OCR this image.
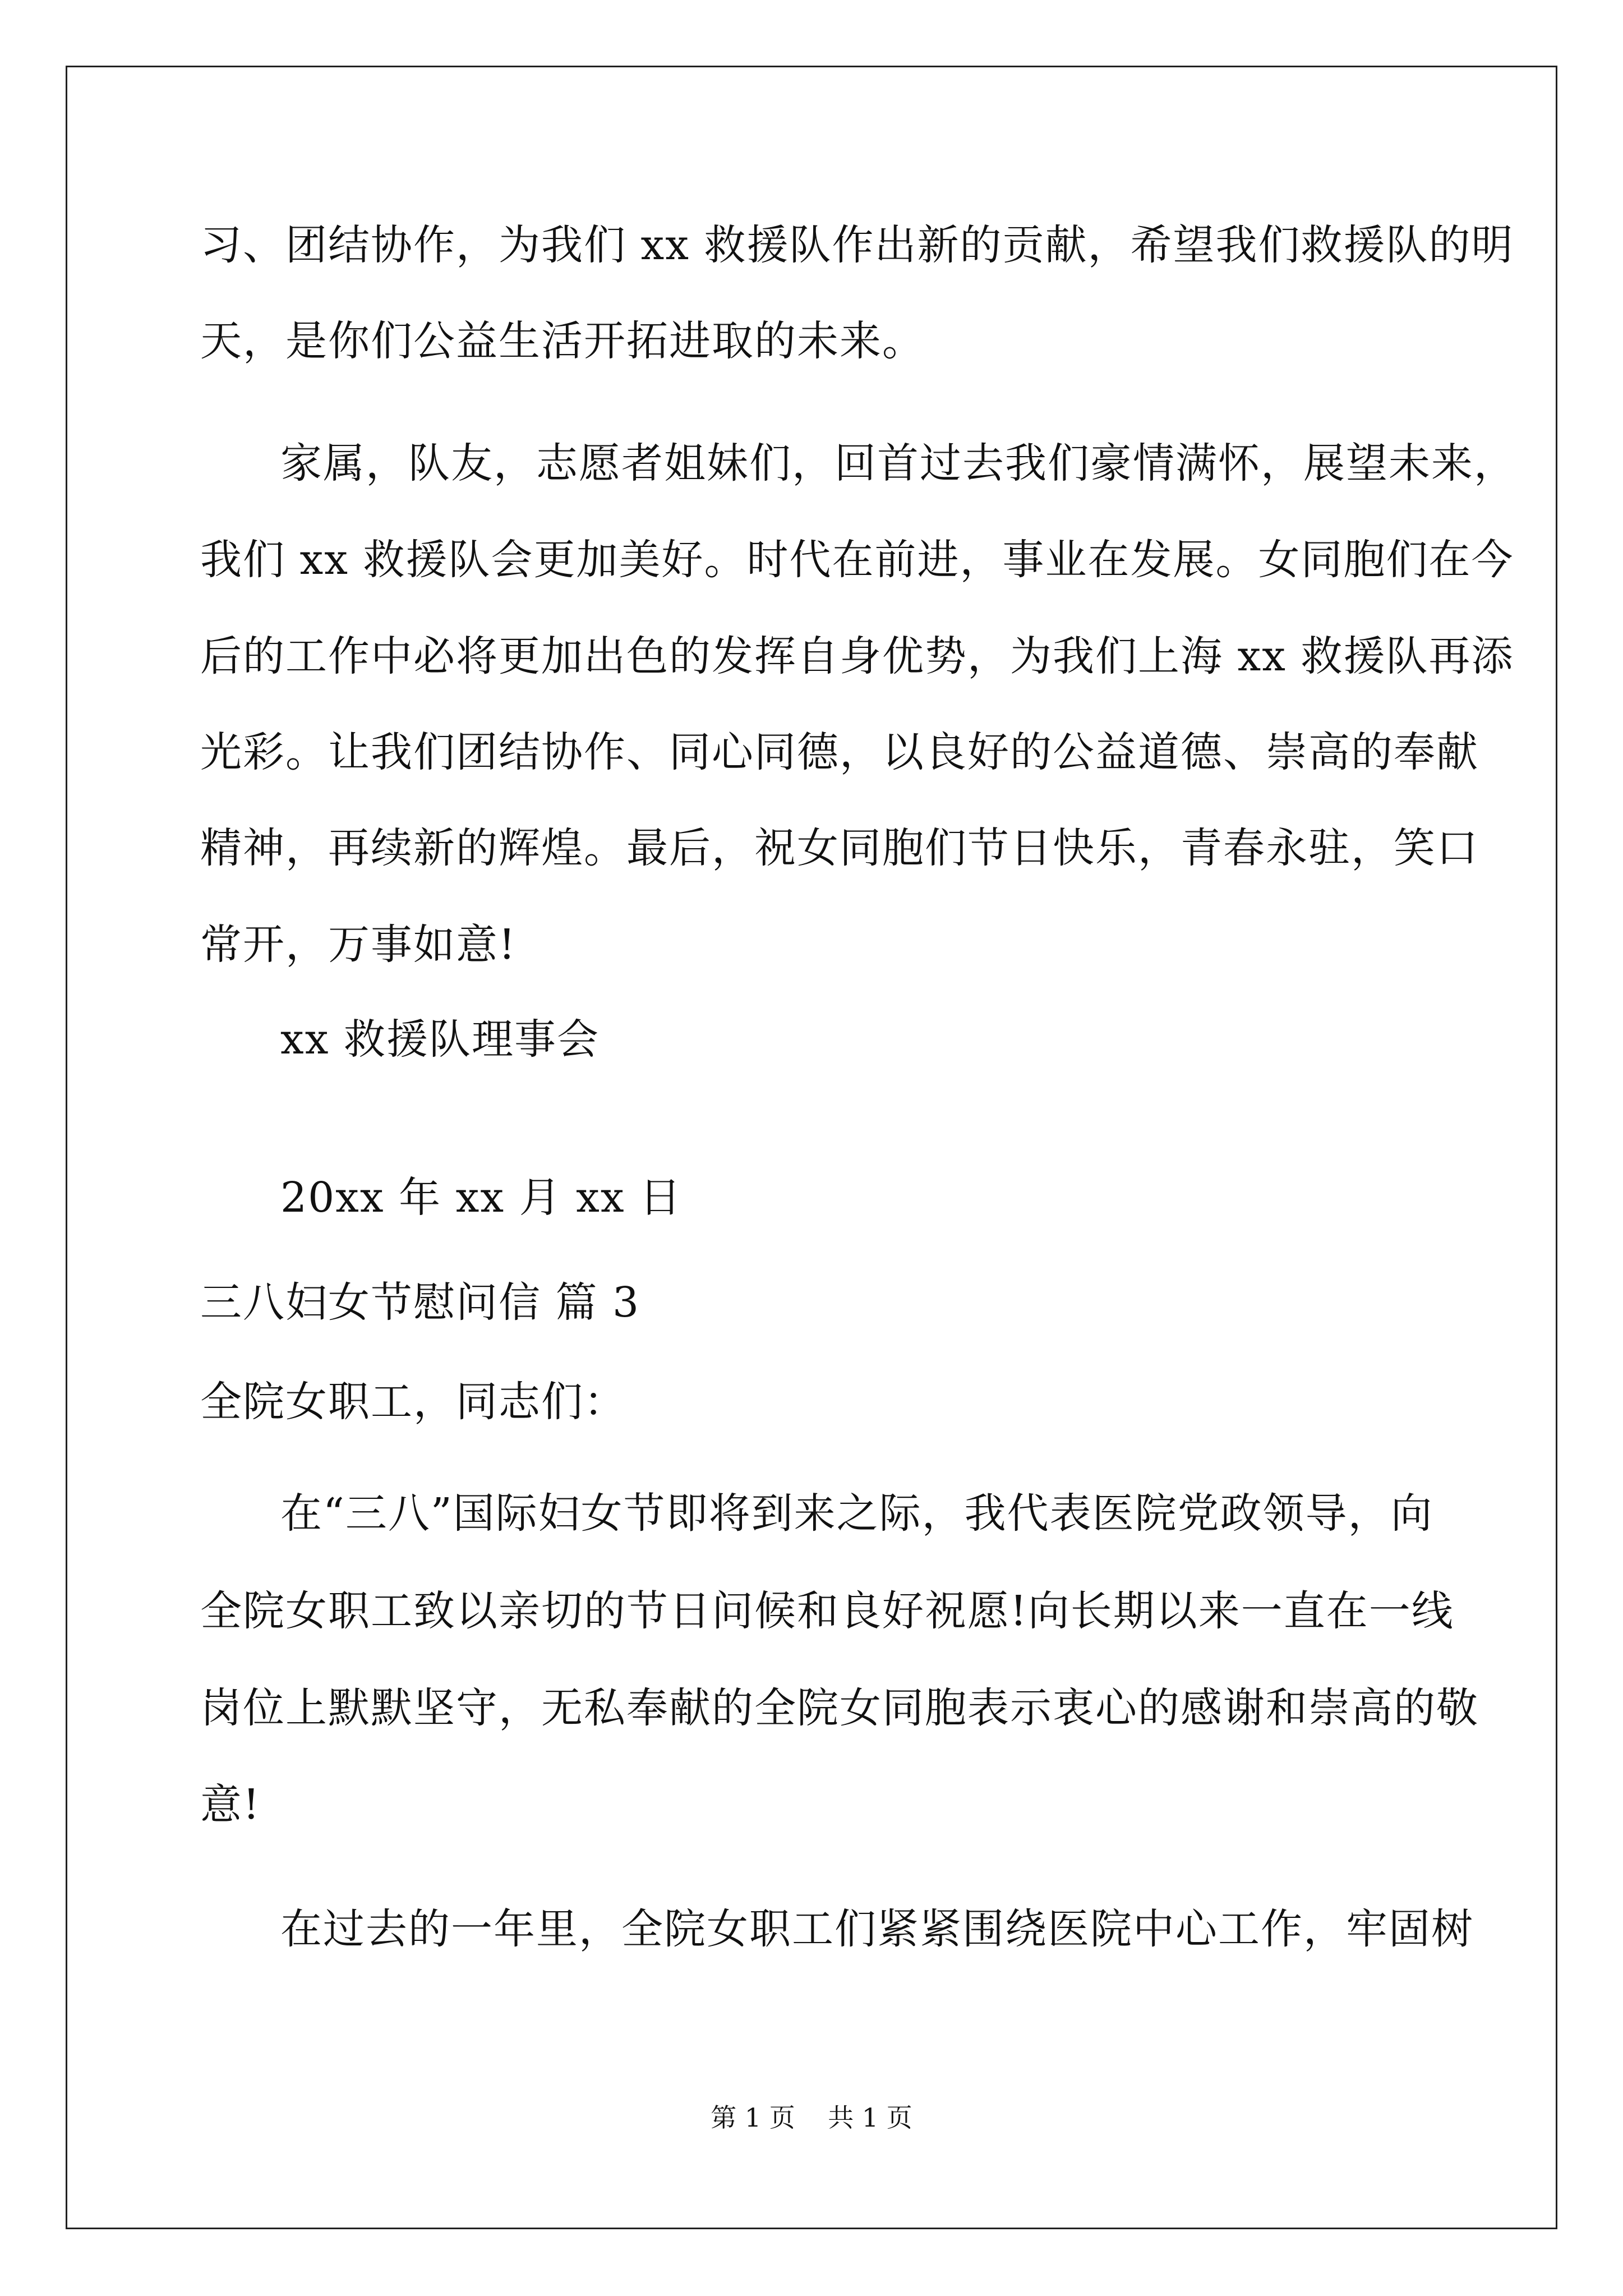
习、团结协作，为我们 xx 救援队作出新的贡献，希望我们救援队的明
天，是你们公益生活开拓进取的未来。
家属，队友，志愿者姐妹们，回首过去我们豪情满怀，展望未来，
我们 xx 救援队会更加美好。时代在前进，事业在发展。女同胞们在今
后的工作中必将更加出色的发挥自身优势，为我们上海 xx 救援队再添
光彩。让我们团结协作、同心同德，以良好的公益道德、崇高的奉献
精神，再续新的辉煌。最后，祝女同胞们节日快乐，青春永驻，笑口
常开，万事如意!
xx 救援队理事会
20xx 年 xx 月 xx 日
三八妇女节慰问信 篇 3
全院女职工，同志们：
在“三八”国际妇女节即将到来之际，我代表医院党政领导，向
全院女职工致以亲切的节日问候和良好祝愿!向长期以来一直在一线
岗位上默默坚守，无私奉献的全院女同胞表示衷心的感谢和崇高的敬
意!
在过去的一年里，全院女职工们紧紧围绕医院中心工作，牢固树
第 1 页    共 1 页
